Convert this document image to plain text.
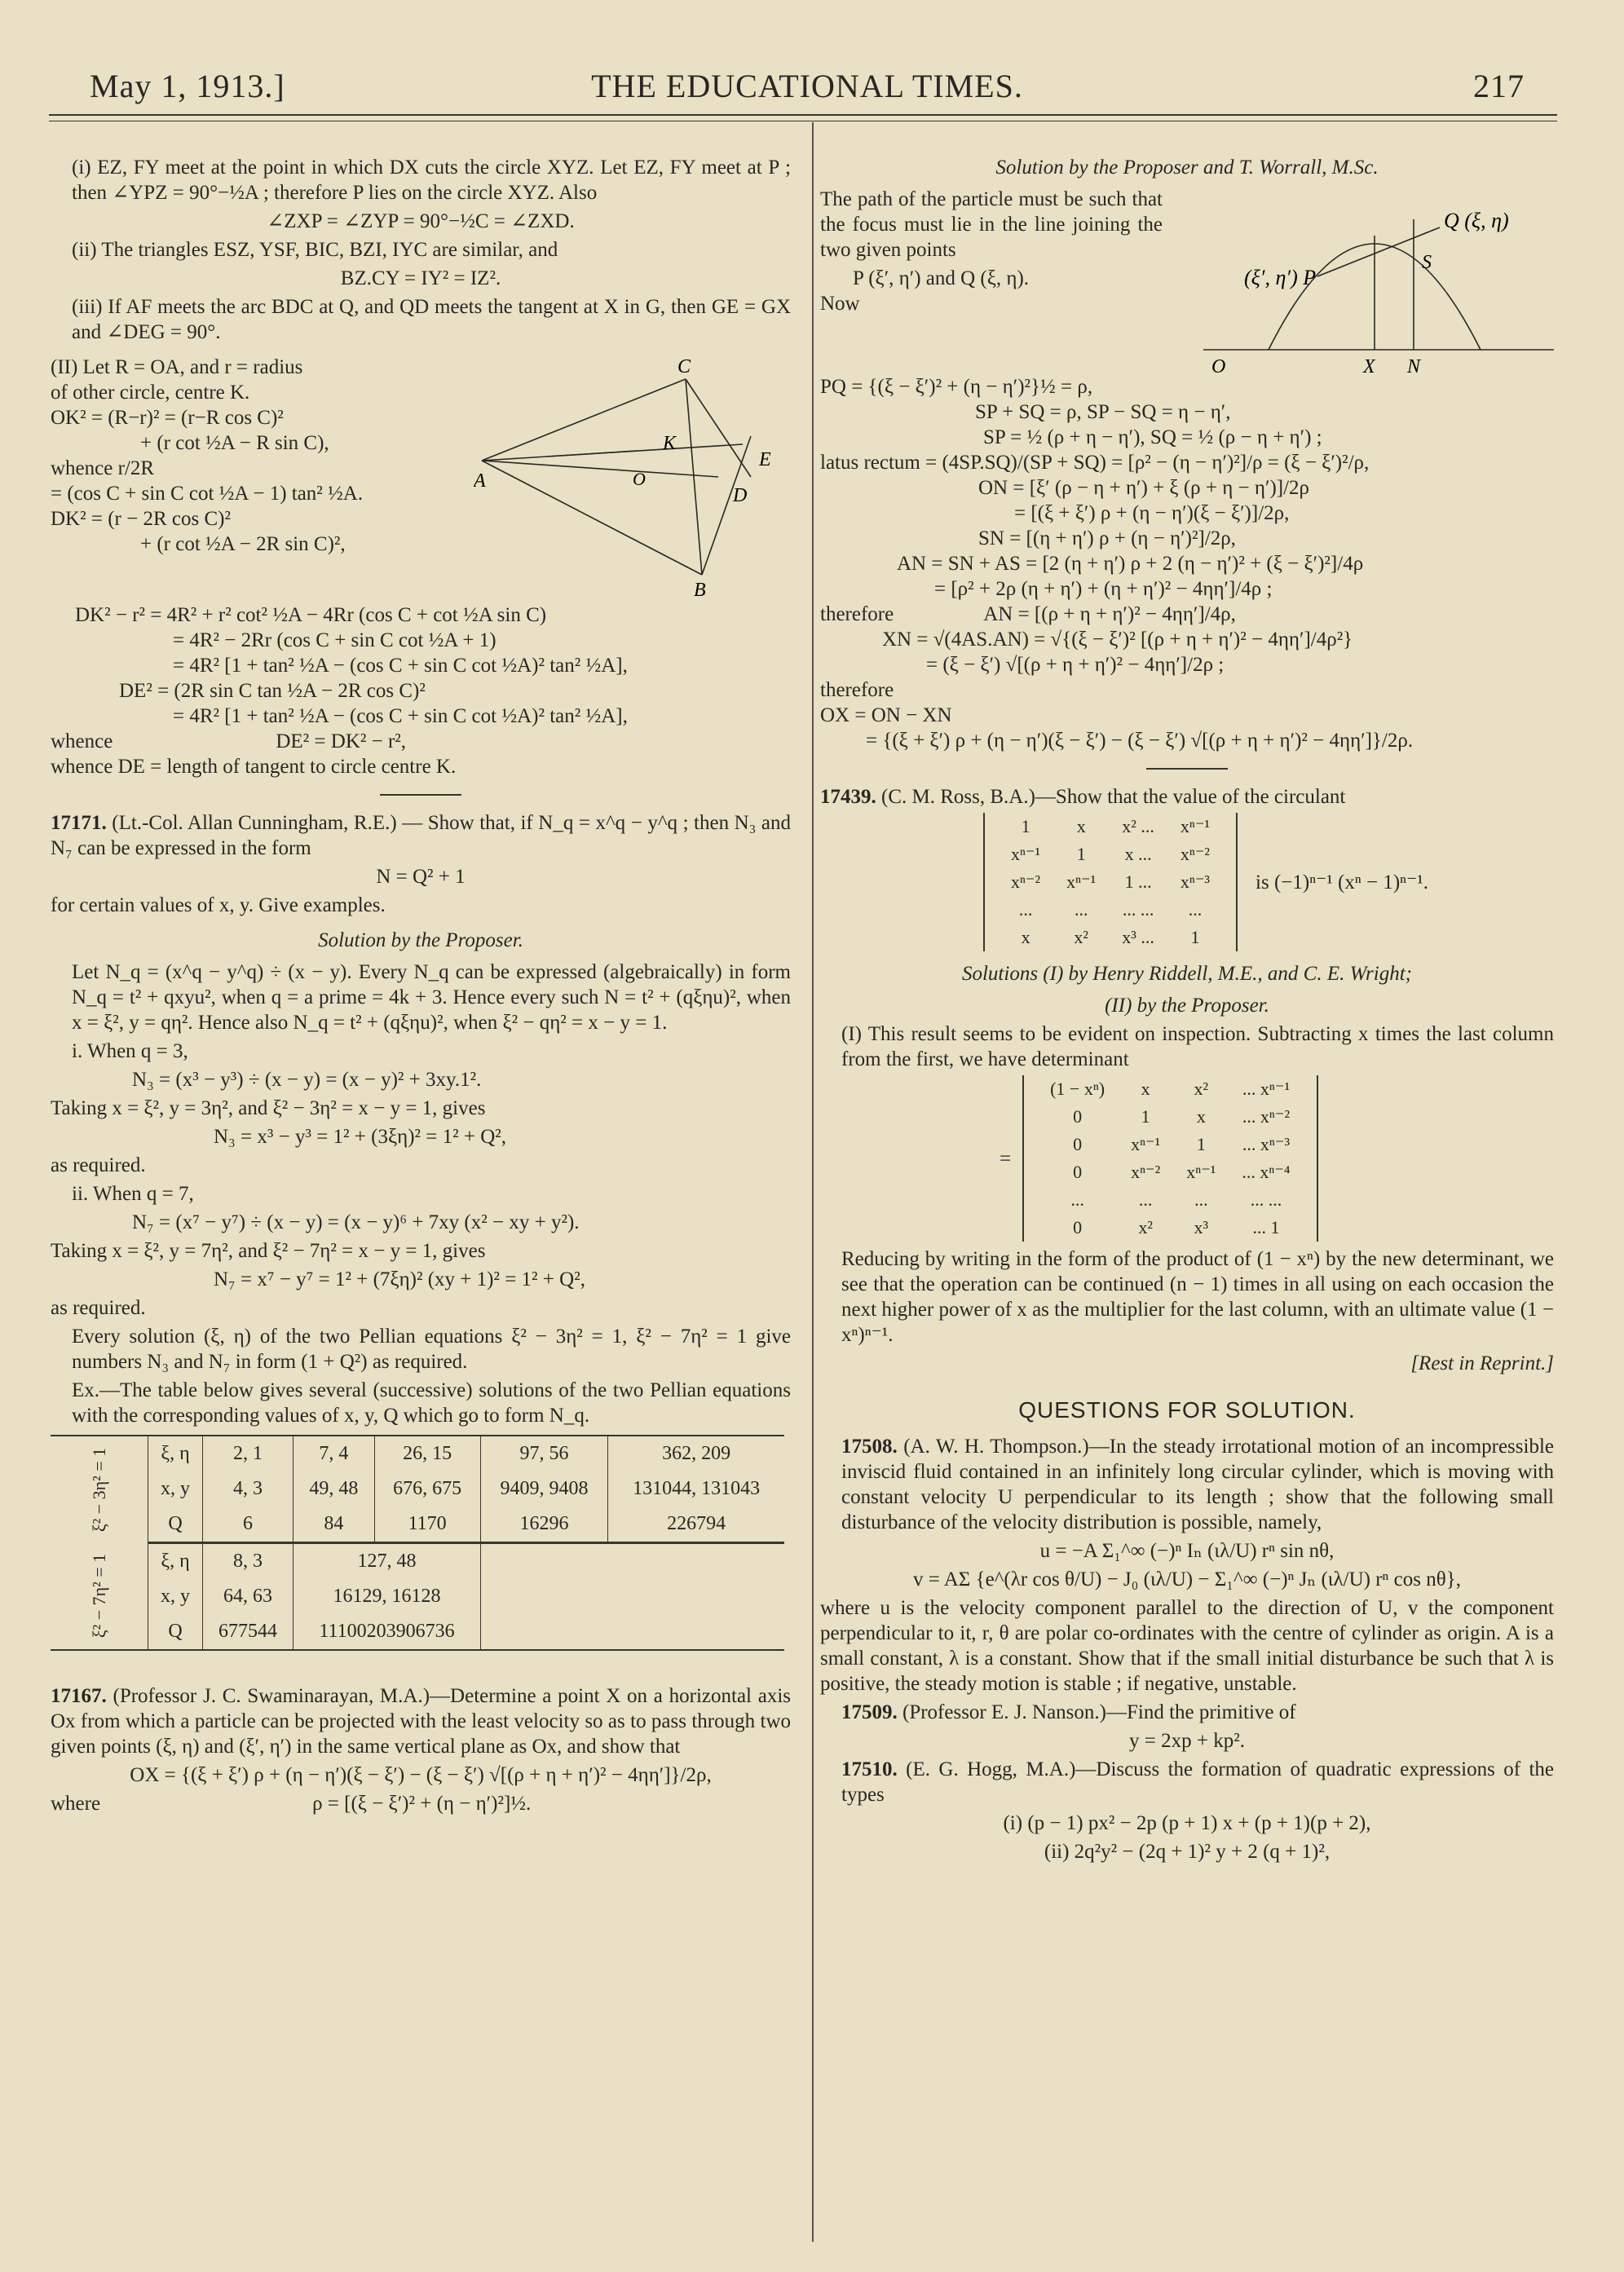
May 1, 1913.]	THE EDUCATIONAL TIMES.	217

(i) EZ, FY meet at the point in which DX cuts the circle XYZ. Let EZ, FY meet at P ; then ∠YPZ = 90°−½A ; therefore P lies on the circle XYZ. Also

∠ZXP = ∠ZYP = 90°−½C = ∠ZXD.

(ii) The triangles ESZ, YSF, BIC, BZI, IYC are similar, and

BZ.CY = IY² = IZ².

(iii) If AF meets the arc BDC at Q, and QD meets the tangent at X in G, then GE = GX and ∠DEG = 90°.

(II) Let R = OA, and r = radius
of other circle, centre K.
OK² = (R−r)² = (r−R cos C)²
+ (r cot ½A − R sin C),
whence r/2R
= (cos C + sin C cot ½A − 1) tan² ½A.
DK² = (r − 2R cos C)²
+ (r cot ½A − 2R sin C)²,
C
A
B
K
O
E
D
DK² − r² = 4R² + r² cot² ½A − 4Rr (cos C + cot ½A sin C)
= 4R² − 2Rr (cos C + sin C cot ½A + 1)
= 4R² [1 + tan² ½A − (cos C + sin C cot ½A)² tan² ½A],
DE² = (2R sin C tan ½A − 2R cos C)²
= 4R² [1 + tan² ½A − (cos C + sin C cot ½A)² tan² ½A],
whence	DE² = DK² − r²,
whence DE = length of tangent to circle centre K.

17171. (Lt.-Col. Allan Cunningham, R.E.) — Show that, if N_q = x^q − y^q ; then N₃ and N₇ can be expressed in the form

N = Q² + 1

for certain values of x, y. Give examples.

Solution by the Proposer.

Let N_q = (x^q − y^q) ÷ (x − y). Every N_q can be expressed (algebraically) in form N_q = t² + qxyu², when q = a prime = 4k + 3. Hence every such N = t² + (qξηu)², when x = ξ², y = qη². Hence also N_q = t² + (qξηu)², when ξ² − qη² = x − y = 1.

i. When q = 3,

N₃ = (x³ − y³) ÷ (x − y) = (x − y)² + 3xy.1².

Taking x = ξ², y = 3η², and ξ² − 3η² = x − y = 1, gives

N₃ = x³ − y³ = 1² + (3ξη)² = 1² + Q²,

as required.

ii. When q = 7,

N₇ = (x⁷ − y⁷) ÷ (x − y) = (x − y)⁶ + 7xy (x² − xy + y²).

Taking x = ξ², y = 7η², and ξ² − 7η² = x − y = 1, gives

N₇ = x⁷ − y⁷ = 1² + (7ξη)² (xy + 1)² = 1² + Q²,

as required.

Every solution (ξ, η) of the two Pellian equations ξ² − 3η² = 1, ξ² − 7η² = 1 give numbers N₃ and N₇ in form (1 + Q²) as required.

Ex.—The table below gives several (successive) solutions of the two Pellian equations with the corresponding values of x, y, Q which go to form N_q.

ξ² − 3η² = 1	ξ, η	2, 1	7, 4	26, 15	97, 56	362, 209
	x, y	4, 3	49, 48	676, 675	9409, 9408	131044, 131043
	Q	6	84	1170	16296	226794
ξ² − 7η² = 1	ξ, η	8, 3	127, 48			
	x, y	64, 63	16129, 16128			
	Q	677544	11100203906736			

17167. (Professor J. C. Swaminarayan, M.A.)—Determine a point X on a horizontal axis Ox from which a particle can be projected with the least velocity so as to pass through two given points (ξ, η) and (ξ′, η′) in the same vertical plane as Ox, and show that

OX = {(ξ + ξ′) ρ + (η − η′)(ξ − ξ′) − (ξ − ξ′) √[(ρ + η + η′)² − 4ηη′]}/2ρ,

where	ρ = [(ξ − ξ′)² + (η − η′)²]½.

Solution by the Proposer and T. Worrall, M.Sc.

The path of the particle must be such that the focus must lie in the line joining the two given points

P (ξ′, η′) and Q (ξ, η).
Now
Q (ξ, η)
(ξ′, η′) P
S
O	X N
PQ = {(ξ − ξ′)² + (η − η′)²}½ = ρ,
SP + SQ = ρ, SP − SQ = η − η′,
SP = ½ (ρ + η − η′), SQ = ½ (ρ − η + η′) ;
latus rectum = (4SP.SQ)/(SP + SQ) = [ρ² − (η − η′)²]/ρ = (ξ − ξ′)²/ρ,
ON = [ξ′ (ρ − η + η′) + ξ (ρ + η − η′)]/2ρ
= [(ξ + ξ′) ρ + (η − η′)(ξ − ξ′)]/2ρ,
SN = [(η + η′) ρ + (η − η′)²]/2ρ,
AN = SN + AS = [2 (η + η′) ρ + 2 (η − η′)² + (ξ − ξ′)²]/4ρ
= [ρ² + 2ρ (η + η′) + (η + η′)² − 4ηη′]/4ρ ;
therefore	AN = [(ρ + η + η′)² − 4ηη′]/4ρ,
XN = √(4AS.AN) = √{(ξ − ξ′)² [(ρ + η + η′)² − 4ηη′]/4ρ²}
= (ξ − ξ′) √[(ρ + η + η′)² − 4ηη′]/2ρ ;
therefore
OX = ON − XN
= {(ξ + ξ′) ρ + (η − η′)(ξ − ξ′) − (ξ − ξ′) √[(ρ + η + η′)² − 4ηη′]}/2ρ.

17439. (C. M. Ross, B.A.)—Show that the value of the circulant

1	x	x² ...	xⁿ⁻¹
xⁿ⁻¹	1	x ...	xⁿ⁻²
xⁿ⁻²	xⁿ⁻¹	1 ...	xⁿ⁻³
...	...	... ...	...
x	x²	x³ ...	1
is (−1)ⁿ⁻¹ (xⁿ − 1)ⁿ⁻¹.

Solutions (I) by Henry Riddell, M.E., and C. E. Wright;

(II) by the Proposer.

(I) This result seems to be evident on inspection. Subtracting x times the last column from the first, we have determinant

=
(1 − xⁿ)	x	x²	... xⁿ⁻¹
0	1	x	... xⁿ⁻²
0	xⁿ⁻¹	1	... xⁿ⁻³
0	xⁿ⁻²	xⁿ⁻¹	... xⁿ⁻⁴
...	...	...	... ...
0	x²	x³	... 1

Reducing by writing in the form of the product of (1 − xⁿ) by the new determinant, we see that the operation can be continued (n − 1) times in all using on each occasion the next higher power of x as the multiplier for the last column, with an ultimate value (1 − xⁿ)ⁿ⁻¹.

[Rest in Reprint.]

QUESTIONS FOR SOLUTION.

17508. (A. W. H. Thompson.)—In the steady irrotational motion of an incompressible inviscid fluid contained in an infinitely long circular cylinder, which is moving with constant velocity U perpendicular to its length ; show that the following small disturbance of the velocity distribution is possible, namely,

u = −A Σ₁^∞ (−)ⁿ Iₙ (ιλ/U) rⁿ sin nθ,

v = AΣ {e^(λr cos θ/U) − J₀ (ιλ/U) − Σ₁^∞ (−)ⁿ Jₙ (ιλ/U) rⁿ cos nθ},

where u is the velocity component parallel to the direction of U, v the component perpendicular to it, r, θ are polar co-ordinates with the centre of cylinder as origin. A is a small constant, λ is a constant. Show that if the small initial disturbance be such that λ is positive, the steady motion is stable ; if negative, unstable.

17509. (Professor E. J. Nanson.)—Find the primitive of

y = 2xp + kp².

17510. (E. G. Hogg, M.A.)—Discuss the formation of quadratic expressions of the types

(i) (p − 1) px² − 2p (p + 1) x + (p + 1)(p + 2),

(ii) 2q²y² − (2q + 1)² y + 2 (q + 1)²,
